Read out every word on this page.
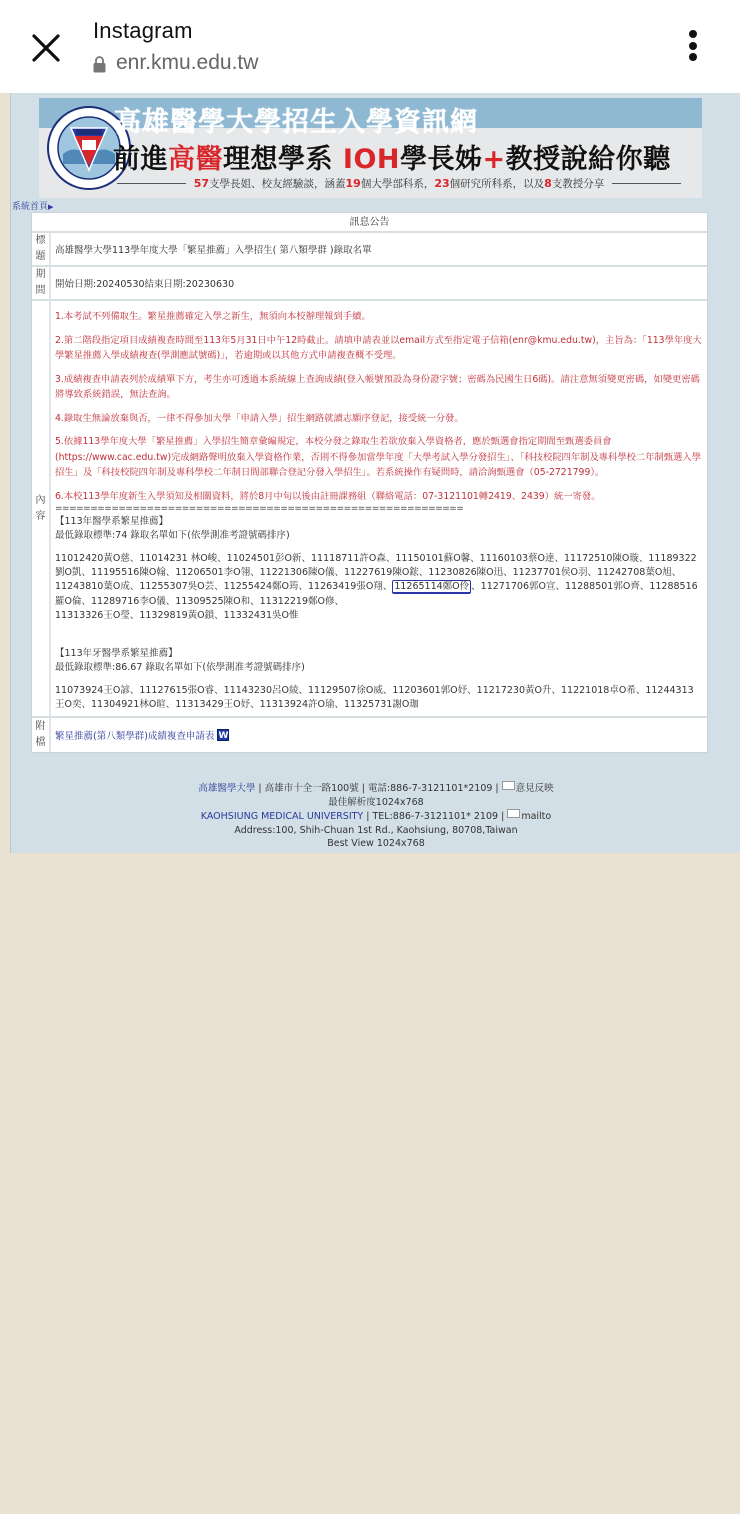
Instagram
enr.kmu.edu.tw
高雄醫學大學招生入學資訊網
前進高醫理想學系 IOH學長姊+教授說給你聽
57 支學長姐、校友經驗談，涵蓋 19 個大學部科系， 23 個研究所科系，以及 8 支教授分享
系統首頁▶
訊息公告
標
題
高雄醫學大學113學年度大學「繁星推薦」入學招生( 第八類學群 )錄取名單
期
間
開始日期:20240530結束日期:20230630
內
容

1.本考試不列備取生。繁星推薦確定入學之新生，無須向本校辦理報到手續。

2.第二階段指定項目成績複查時間至113年5月31日中午12時截止。請填申請表並以email方式至指定電子信箱(enr@kmu.edu.tw)，主旨為：「113學年度大學繁星推薦入學成績複查(學測應試號碼)」，若逾期或以其他方式申請複查概不受理。

3.成績複查申請表列於成績單下方，考生亦可透過本系統線上查詢成績(登入帳號預設為身份證字號；密碼為民國生日6碼)。請注意無須變更密碼，如變更密碼將導致系統錯誤，無法查詢。

4.錄取生無論放棄與否，一律不得參加大學「申請入學」招生網路就讀志願序登記，接受統一分發。

5.依據113學年度大學「繁星推薦」入學招生簡章彙編規定，本校分發之錄取生若欲放棄入學資格者，應於甄選會指定期間至甄選委員會(https://www.cac.edu.tw)完成網路聲明放棄入學資格作業，否則不得參加當學年度「大學考試入學分發招生」、「科技校院四年制及專科學校二年制甄選入學招生」及「科技校院四年制及專科學校二年制日間部聯合登記分發入學招生」。若系統操作有疑問時，請洽詢甄選會（05-2721799）。

6.本校113學年度新生入學須知及相關資料，將於8月中旬以後由註冊課務組（聯絡電話：07-3121101轉2419、2439）統一寄發。

==========================================================
【113年醫學系繁星推薦】
最低錄取標準:74 錄取名單如下(依學測准考證號碼排序)
11012420黃O慈、11014231 林O峻、11024501彭O新、11118711許O森、11150101蘇O馨、11160103蔡O達、11172510陳O璇、11189322劉O凱、11195516陳O翰、11206501李O翎、11221306陳O儀、11227619陳O鋐、11230826陳O迅、11237701侯O羽、11242708葉O旭、11243810葉O成、11255307吳O芸、11255424鄭O筠、11263419張O翔、 11265114鄭O伶 、11271706郭O宣、11288501郭O齊、11288516羅O倫、11289716李O儀、11309525陳O和、11312219鄭O修、
11313326王O瑩、11329819黃O鎖、11332431吳O惟
【113年牙醫學系繁星推薦】
最低錄取標準:86.67 錄取名單如下(依學測准考證號碼排序)
11073924王O諺、11127615張O睿、11143230呂O綾、11129507徐O威、11203601郭O妤、11217230黃O升、11221018卓O希、11244313王O奕、11304921林O暄、11313429王O妤、11313924許O瑜、11325731謝O珈
附
檔
繁星推薦(第八類學群)成績複查申請表 W
高雄醫學大學 | 高雄市十全一路100號 | 電話:886-7-3121101*2109 | 意見反映
最佳解析度1024x768
KAOHSIUNG MEDICAL UNIVERSITY | TEL:886-7-3121101* 2109 | mailto
Address:100, Shih-Chuan 1st Rd., Kaohsiung, 80708,Taiwan
Best View 1024x768
